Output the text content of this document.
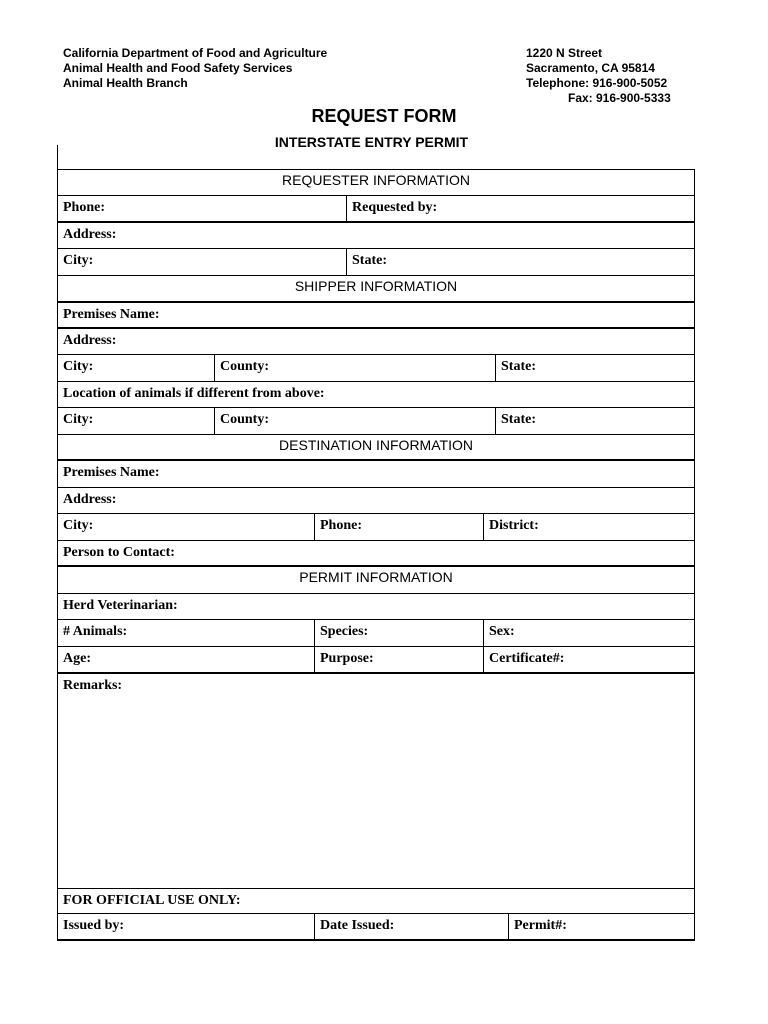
California Department of Food and Agriculture
Animal Health and Food Safety Services
Animal Health Branch
1220 N Street
Sacramento, CA 95814
Telephone: 916-900-5052
Fax: 916-900-5333
REQUEST FORM
INTERSTATE ENTRY PERMIT
REQUESTER INFORMATION
Phone:	Requested by:
Address:
City:	State:
SHIPPER INFORMATION
Premises Name:
Address:
City:	County:	State:
Location of animals if different from above:
City:	County:	State:
DESTINATION INFORMATION
Premises Name:
Address:
City:	Phone:	District:
Person to Contact:
PERMIT INFORMATION
Herd Veterinarian:
# Animals:	Species:	Sex:
Age:	Purpose:	Certificate#:
Remarks:
FOR OFFICIAL USE ONLY:
Issued by:	Date Issued:	Permit#:
